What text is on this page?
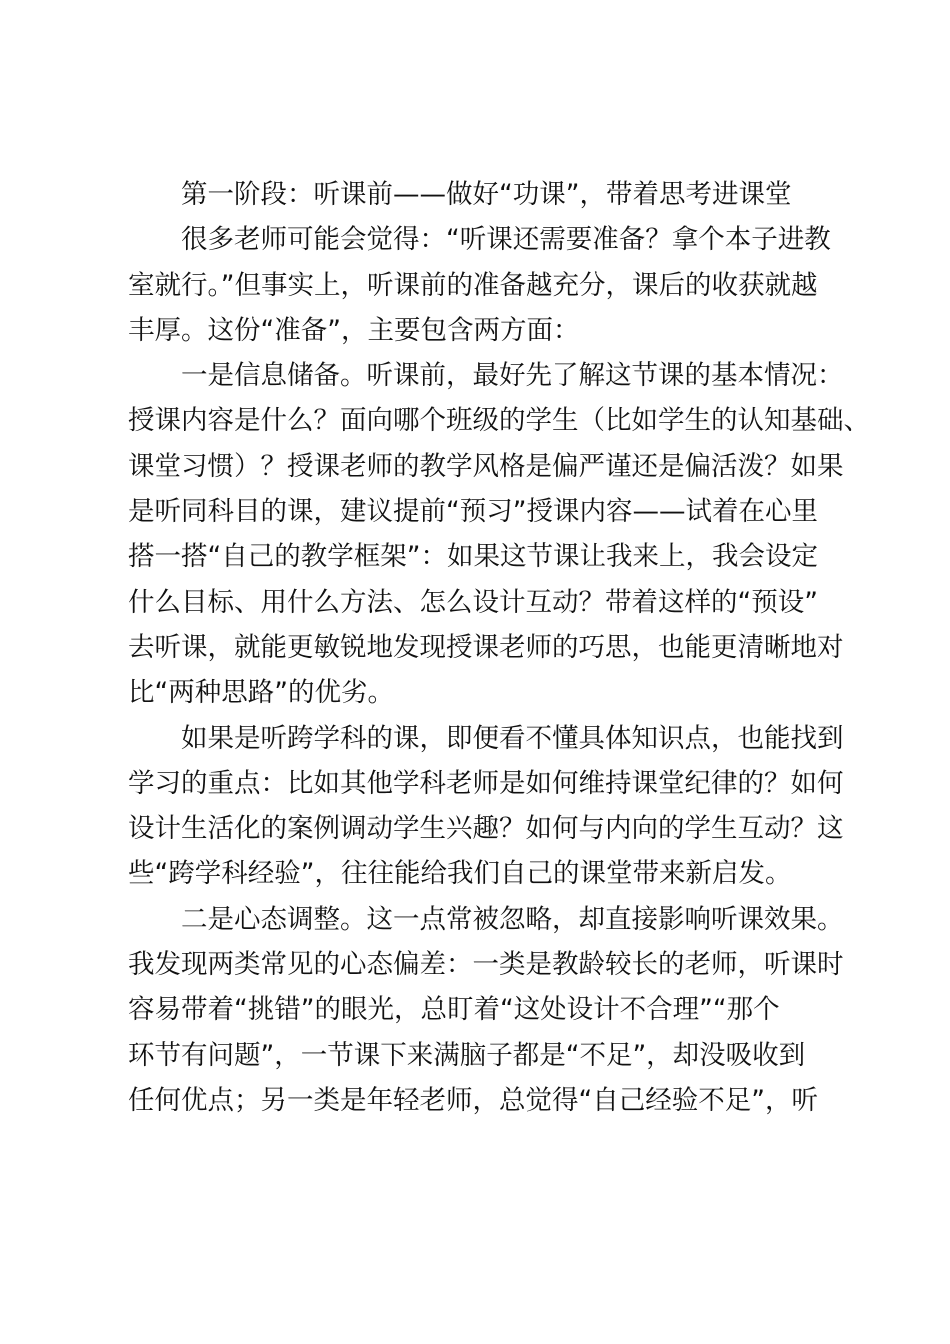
第一阶段：听课前——做好“功课”，带着思考进课堂
很多老师可能会觉得：“听课还需要准备？拿个本子进教
室就行。”但事实上，听课前的准备越充分，课后的收获就越
丰厚。这份“准备”，主要包含两方面：
一是信息储备。听课前，最好先了解这节课的基本情况：
授课内容是什么？面向哪个班级的学生（比如学生的认知基础、
课堂习惯）？授课老师的教学风格是偏严谨还是偏活泼？如果
是听同科目的课，建议提前“预习”授课内容——试着在心里
搭一搭“自己的教学框架”：如果这节课让我来上，我会设定
什么目标、用什么方法、怎么设计互动？带着这样的“预设”
去听课，就能更敏锐地发现授课老师的巧思，也能更清晰地对
比“两种思路”的优劣。
如果是听跨学科的课，即便看不懂具体知识点，也能找到
学习的重点：比如其他学科老师是如何维持课堂纪律的？如何
设计生活化的案例调动学生兴趣？如何与内向的学生互动？这
些“跨学科经验”，往往能给我们自己的课堂带来新启发。
二是心态调整。这一点常被忽略，却直接影响听课效果。
我发现两类常见的心态偏差：一类是教龄较长的老师，听课时
容易带着“挑错”的眼光，总盯着“这处设计不合理”“那个
环节有问题”，一节课下来满脑子都是“不足”，却没吸收到
任何优点；另一类是年轻老师，总觉得“自己经验不足”，听
